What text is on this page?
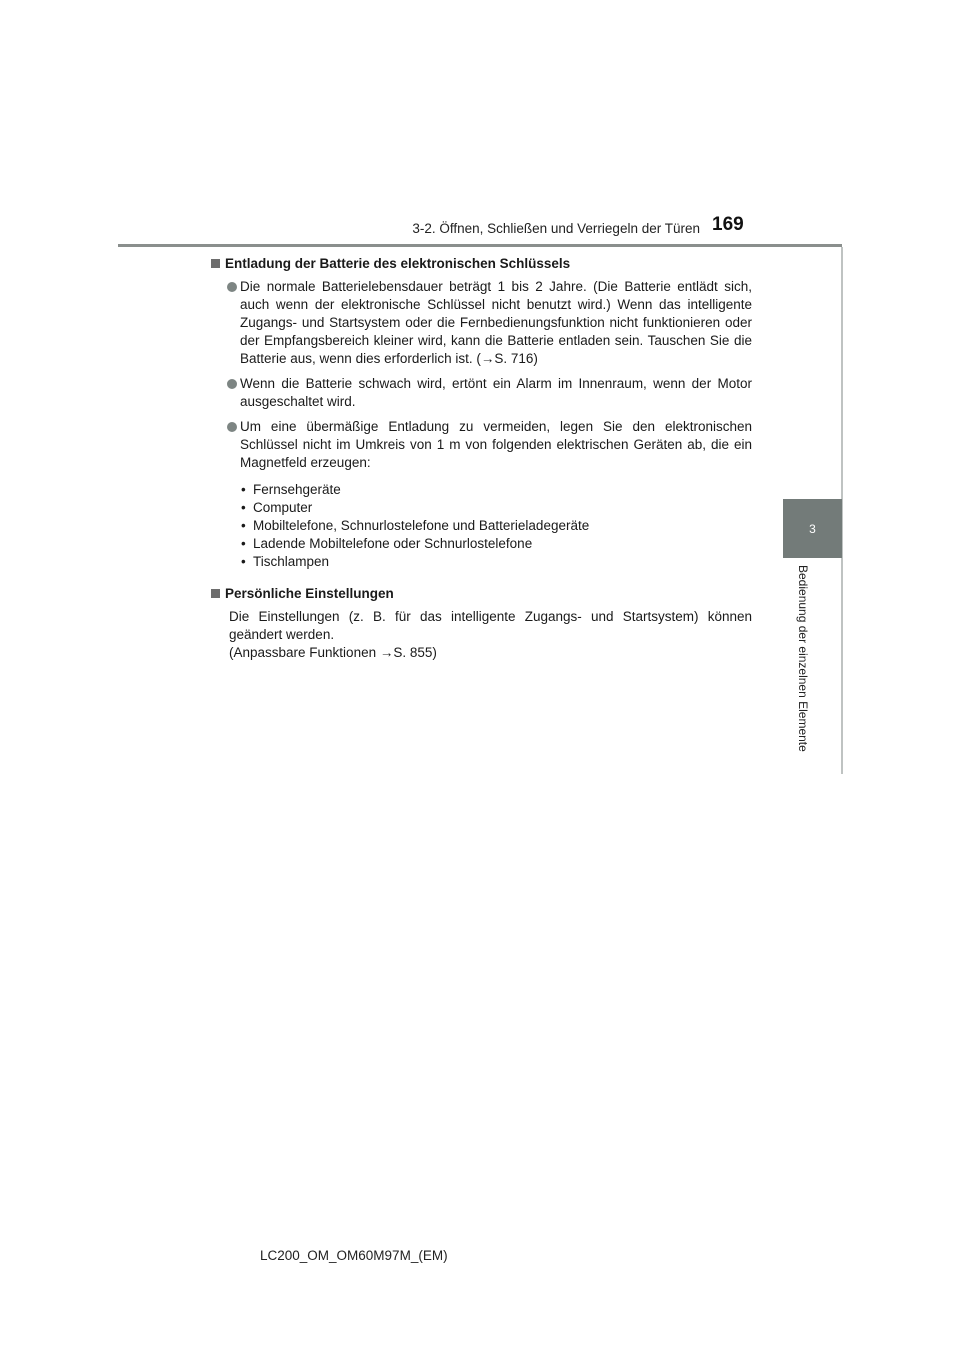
3-2. Öffnen, Schließen und Verriegeln der Türen 169
3
Bedienung der einzelnen Elemente
Entladung der Batterie des elektronischen Schlüssels
Die normale Batterielebensdauer beträgt 1 bis 2 Jahre. (Die Batterie entlädt sich, auch wenn der elektronische Schlüssel nicht benutzt wird.) Wenn das intelligente Zugangs- und Startsystem oder die Fernbedienungsfunktion nicht funktionieren oder der Empfangsbereich kleiner wird, kann die Batterie entladen sein. Tauschen Sie die Batterie aus, wenn dies erforderlich ist. (→S. 716)
Wenn die Batterie schwach wird, ertönt ein Alarm im Innenraum, wenn der Motor ausgeschaltet wird.
Um eine übermäßige Entladung zu vermeiden, legen Sie den elektronischen Schlüssel nicht im Umkreis von 1 m von folgenden elektrischen Geräten ab, die ein Magnetfeld erzeugen:
• Fernsehgeräte
• Computer
• Mobiltelefone, Schnurlostelefone und Batterieladegeräte
• Ladende Mobiltelefone oder Schnurlostelefone
• Tischlampen
Persönliche Einstellungen
Die Einstellungen (z. B. für das intelligente Zugangs- und Startsystem) können geändert werden.
(Anpassbare Funktionen →S. 855)
LC200_OM_OM60M97M_(EM)
